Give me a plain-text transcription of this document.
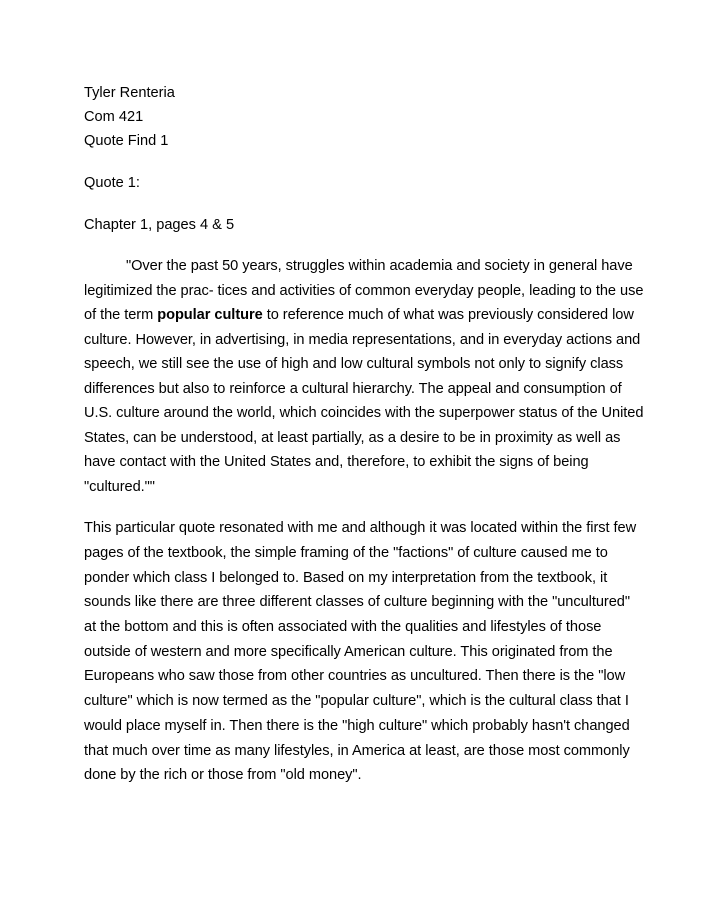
Tyler Renteria
Com 421
Quote Find 1

Quote 1:

Chapter 1, pages 4 & 5

"Over the past 50 years, struggles within academia and society in general have legitimized the prac- tices and activities of common everyday people, leading to the use of the term popular culture to reference much of what was previously considered low culture. However, in advertising, in media representations, and in everyday actions and speech, we still see the use of high and low cultural symbols not only to signify class differences but also to reinforce a cultural hierarchy. The appeal and consumption of U.S. culture around the world, which coincides with the superpower status of the United States, can be understood, at least partially, as a desire to be in proximity as well as have contact with the United States and, therefore, to exhibit the signs of being "cultured.""

This particular quote resonated with me and although it was located within the first few pages of the textbook, the simple framing of the "factions" of culture caused me to ponder which class I belonged to. Based on my interpretation from the textbook, it sounds like there are three different classes of culture beginning with the "uncultured" at the bottom and this is often associated with the qualities and lifestyles of those outside of western and more specifically American culture. This originated from the Europeans who saw those from other countries as uncultured. Then there is the "low culture" which is now termed as the "popular culture", which is the cultural class that I would place myself in. Then there is the "high culture" which probably hasn't changed that much over time as many lifestyles, in America at least, are those most commonly done by the rich or those from "old money".
